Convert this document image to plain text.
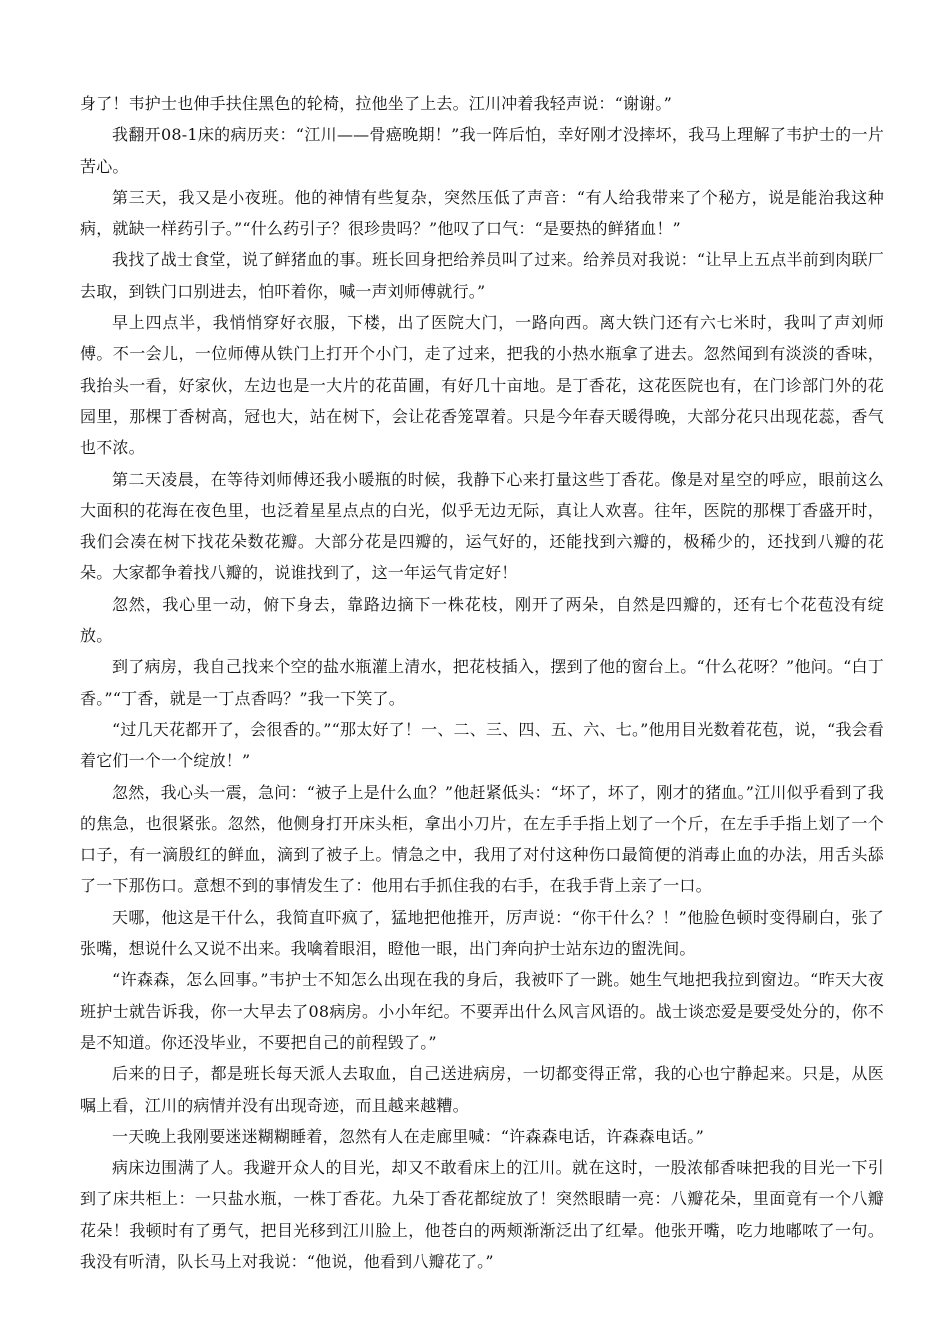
身了！韦护士也伸手扶住黑色的轮椅，拉他坐了上去。江川冲着我轻声说：“谢谢。”

我翻开08-1床的病历夹：“江川——骨癌晚期！”我一阵后怕，幸好刚才没摔坏，我马上理解了韦护士的一片苦心。

第三天，我又是小夜班。他的神情有些复杂，突然压低了声音：“有人给我带来了个秘方，说是能治我这种病，就缺一样药引子。”“什么药引子？很珍贵吗？”他叹了口气：“是要热的鲜猪血！”

我找了战士食堂，说了鲜猪血的事。班长回身把给养员叫了过来。给养员对我说：“让早上五点半前到肉联厂去取，到铁门口别进去，怕吓着你，喊一声刘师傅就行。”

早上四点半，我悄悄穿好衣服，下楼，出了医院大门，一路向西。离大铁门还有六七米时，我叫了声刘师傅。不一会儿，一位师傅从铁门上打开个小门，走了过来，把我的小热水瓶拿了进去。忽然闻到有淡淡的香味，我抬头一看，好家伙，左边也是一大片的花苗圃，有好几十亩地。是丁香花，这花医院也有，在门诊部门外的花园里，那棵丁香树高，冠也大，站在树下，会让花香笼罩着。只是今年春天暖得晚，大部分花只出现花蕊，香气也不浓。

第二天凌晨，在等待刘师傅还我小暖瓶的时候，我静下心来打量这些丁香花。像是对星空的呼应，眼前这么大面积的花海在夜色里，也泛着星星点点的白光，似乎无边无际，真让人欢喜。往年，医院的那棵丁香盛开时，我们会凑在树下找花朵数花瓣。大部分花是四瓣的，运气好的，还能找到六瓣的，极稀少的，还找到八瓣的花朵。大家都争着找八瓣的，说谁找到了，这一年运气肯定好！

忽然，我心里一动，俯下身去，靠路边摘下一株花枝，刚开了两朵，自然是四瓣的，还有七个花苞没有绽放。

到了病房，我自己找来个空的盐水瓶灌上清水，把花枝插入，摆到了他的窗台上。“什么花呀？”他问。“白丁香。”“丁香，就是一丁点香吗？”我一下笑了。

“过几天花都开了，会很香的。”“那太好了！一、二、三、四、五、六、七。”他用目光数着花苞，说，“我会看着它们一个一个绽放！”

忽然，我心头一震，急问：“被子上是什么血？”他赶紧低头：“坏了，坏了，刚才的猪血。”江川似乎看到了我的焦急，也很紧张。忽然，他侧身打开床头柜，拿出小刀片，在左手手指上划了一个斤，在左手手指上划了一个口子，有一滴殷红的鲜血，滴到了被子上。情急之中，我用了对付这种伤口最简便的消毒止血的办法，用舌头舔了一下那伤口。意想不到的事情发生了：他用右手抓住我的右手，在我手背上亲了一口。

天哪，他这是干什么，我简直吓疯了，猛地把他推开，厉声说：“你干什么？！”他脸色顿时变得刷白，张了张嘴，想说什么又说不出来。我噙着眼泪，瞪他一眼，出门奔向护士站东边的盥洗间。

“许森森，怎么回事。”韦护士不知怎么出现在我的身后，我被吓了一跳。她生气地把我拉到窗边。“昨天大夜班护士就告诉我，你一大早去了08病房。小小年纪。不要弄出什么风言风语的。战士谈恋爱是要受处分的，你不是不知道。你还没毕业，不要把自己的前程毁了。”

后来的日子，都是班长每天派人去取血，自己送进病房，一切都变得正常，我的心也宁静起来。只是，从医嘱上看，江川的病情并没有出现奇迹，而且越来越糟。

一天晚上我刚要迷迷糊糊睡着，忽然有人在走廊里喊：“许森森电话，许森森电话。”

病床边围满了人。我避开众人的目光，却又不敢看床上的江川。就在这时，一股浓郁香味把我的目光一下引到了床共柜上：一只盐水瓶，一株丁香花。九朵丁香花都绽放了！突然眼睛一亮：八瓣花朵，里面竟有一个八瓣花朵！我顿时有了勇气，把目光移到江川脸上，他苍白的两颊渐渐泛出了红晕。他张开嘴，吃力地嘟哝了一句。我没有听清，队长马上对我说：“他说，他看到八瓣花了。”
